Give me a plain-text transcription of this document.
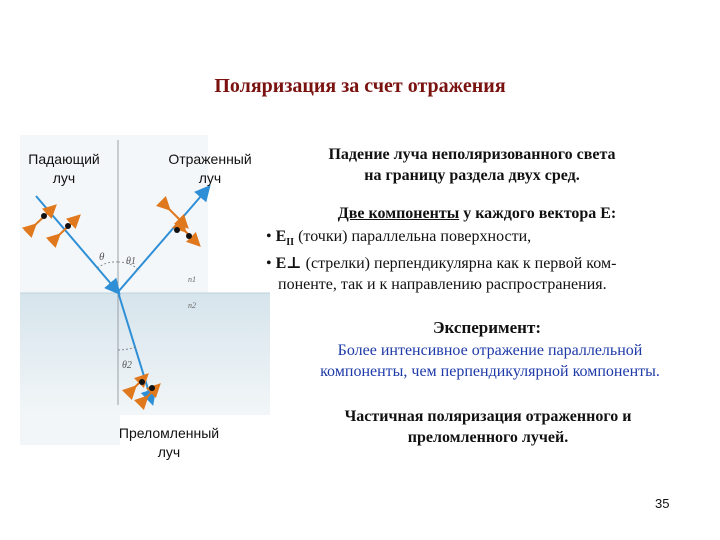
θ θ1
θ2
n1
n2
Поляризация за счет отражения
Падающий
луч
Отраженный
луч
Преломленный
луч
Падение луча неполяризованного света
на границу раздела двух сред.
Две компоненты у каждого вектора E:
• $E_{II}$ (точки) параллельна поверхности,
• E⊥ (стрелки) перпендикулярна как к первой ком-
поненте, так и к направлению распространения.
Эксперимент:
Более интенсивное отражение параллельной
компоненты, чем перпендикулярной компоненты.
Частичная поляризация отраженного и
преломленного лучей.
35
